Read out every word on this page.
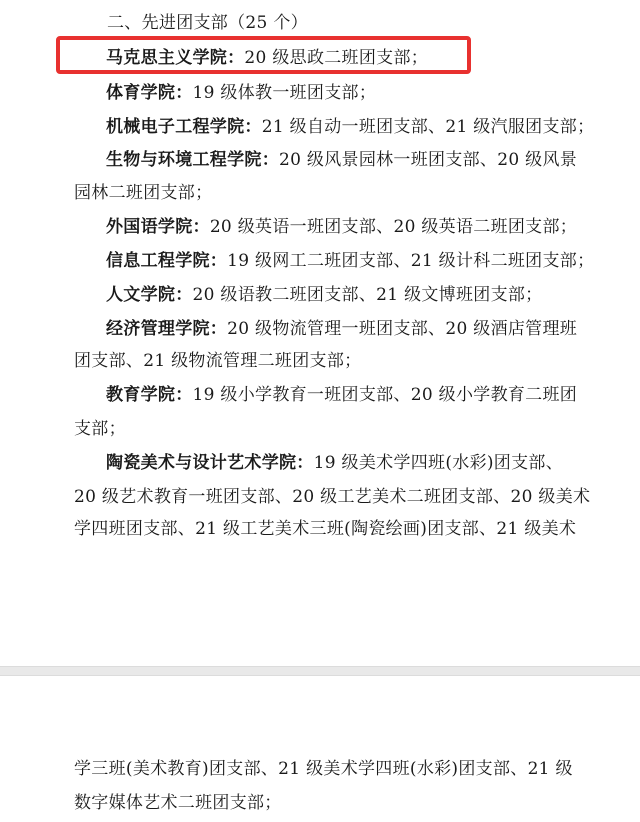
二、先进团支部（25 个）
马克思主义学院：20 级思政二班团支部；
体育学院：19 级体教一班团支部；
机械电子工程学院：21 级自动一班团支部、21 级汽服团支部；
生物与环境工程学院：20 级风景园林一班团支部、20 级风景
园林二班团支部；
外国语学院：20 级英语一班团支部、20 级英语二班团支部；
信息工程学院：19 级网工二班团支部、21 级计科二班团支部；
人文学院：20 级语教二班团支部、21 级文博班团支部；
经济管理学院：20 级物流管理一班团支部、20 级酒店管理班
团支部、21 级物流管理二班团支部；
教育学院：19 级小学教育一班团支部、20 级小学教育二班团
支部；
陶瓷美术与设计艺术学院：19 级美术学四班(水彩)团支部、
20 级艺术教育一班团支部、20 级工艺美术二班团支部、20 级美术
学四班团支部、21 级工艺美术三班(陶瓷绘画)团支部、21 级美术
学三班(美术教育)团支部、21 级美术学四班(水彩)团支部、21 级
数字媒体艺术二班团支部；
